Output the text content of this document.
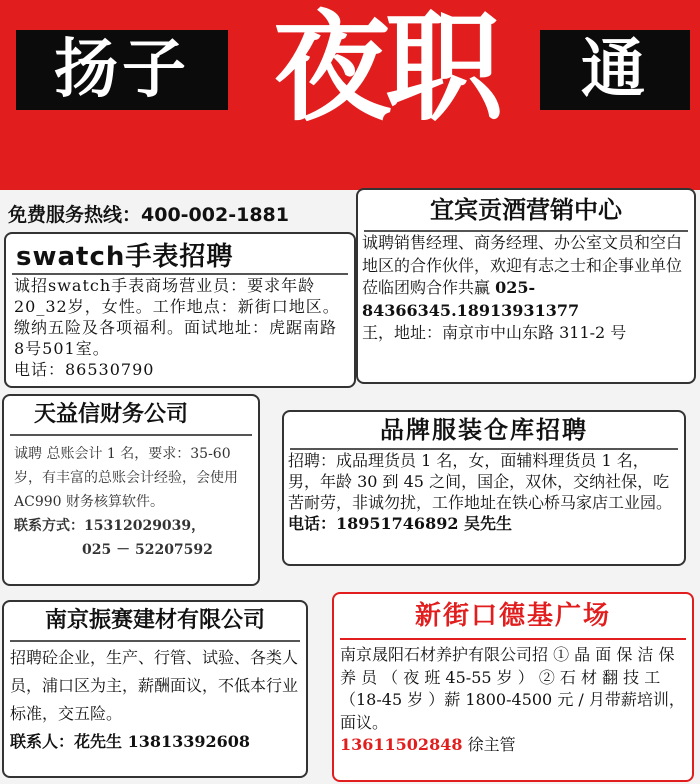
扬子 夜职	通
免费服务热线：400-002-1881
swatch手表招聘
诚招swatch手表商场营业员：要求年龄20_32岁，女性。工作地点：新街口地区。缴纳五险及各项福利。面试地址：虎踞南路8号501室。
电话：86530790
宜宾贡酒营销中心
诚聘销售经理、商务经理、办公室文员和空白地区的合作伙伴，欢迎有志之士和企事业单位莅临团购合作共赢 025-84366345.18913931377
王，地址：南京市中山东路 311-2 号
天益信财务公司
诚聘 总账会计 1 名，要求：35-60岁，有丰富的总账会计经验，会使用AC990 财务核算软件。
联系方式：15312029039，
025 － 52207592
品牌服装仓库招聘
招聘：成品理货员 1 名，女，面辅料理货员 1 名，男，年龄 30 到 45 之间，国企，双休，交纳社保，吃苦耐劳，非诚勿扰，工作地址在铁心桥马家店工业园。 电话：18951746892 吴先生
南京振赛建材有限公司
招聘砼企业，生产、行管、试验、各类人员，浦口区为主，薪酬面议，不低本行业标准，交五险。
联系人：花先生 13813392608
新街口德基广场
南京晟阳石材养护有限公司招 ① 晶 面 保 洁 保 养 员 （ 夜 班 45-55 岁 ） ② 石 材 翻 技 工 （18-45 岁 ）薪 1800-4500 元 / 月带薪培训，面议。
13611502848 徐主管
